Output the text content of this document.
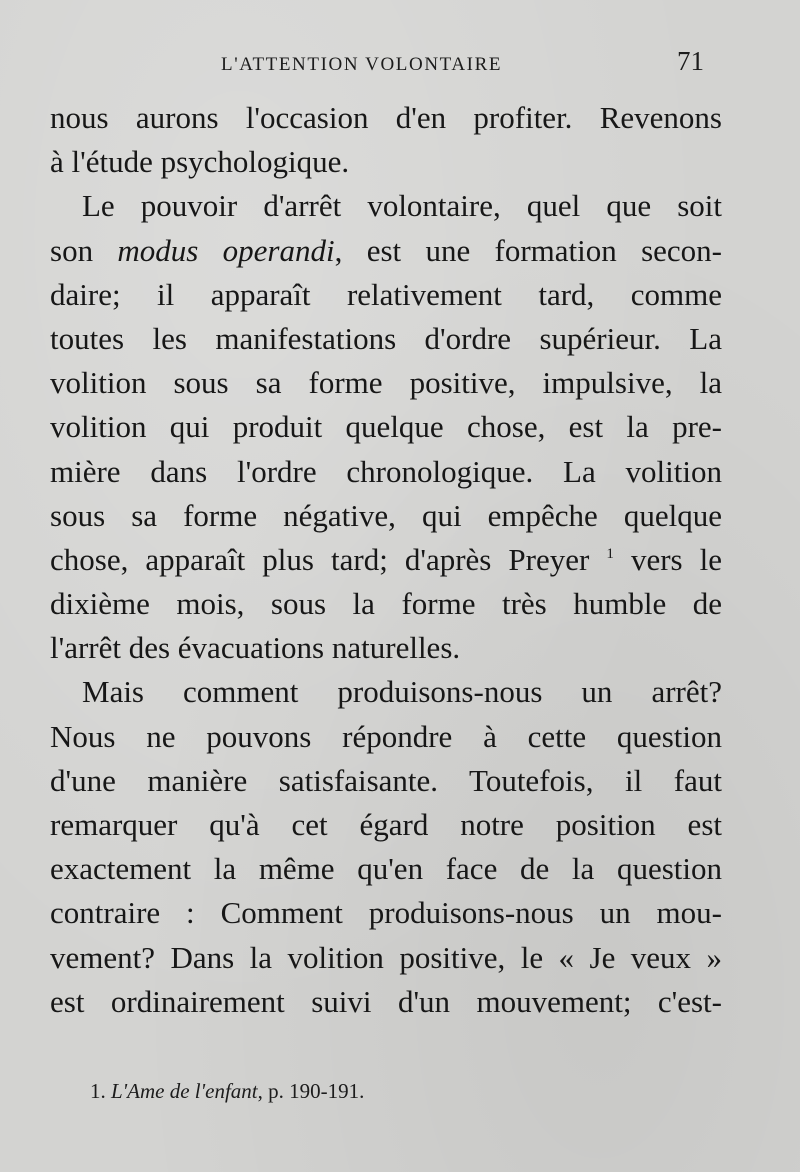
L'ATTENTION VOLONTAIRE	71
nous aurons l'occasion d'en profiter. Revenons
à l'étude psychologique.
Le pouvoir d'arrêt volontaire, quel que soit
son modus operandi, est une formation secon-
daire; il apparaît relativement tard, comme
toutes les manifestations d'ordre supérieur. La
volition sous sa forme positive, impulsive, la
volition qui produit quelque chose, est la pre-
mière dans l'ordre chronologique. La volition
sous sa forme négative, qui empêche quelque
chose, apparaît plus tard; d'après Preyer $^1$ vers le
dixième mois, sous la forme très humble de
l'arrêt des évacuations naturelles.
Mais comment produisons-nous un arrêt?
Nous ne pouvons répondre à cette question
d'une manière satisfaisante. Toutefois, il faut
remarquer qu'à cet égard notre position est
exactement la même qu'en face de la question
contraire : Comment produisons-nous un mou-
vement? Dans la volition positive, le « Je veux »
est ordinairement suivi d'un mouvement; c'est-
1. L'Ame de l'enfant, p. 190-191.
